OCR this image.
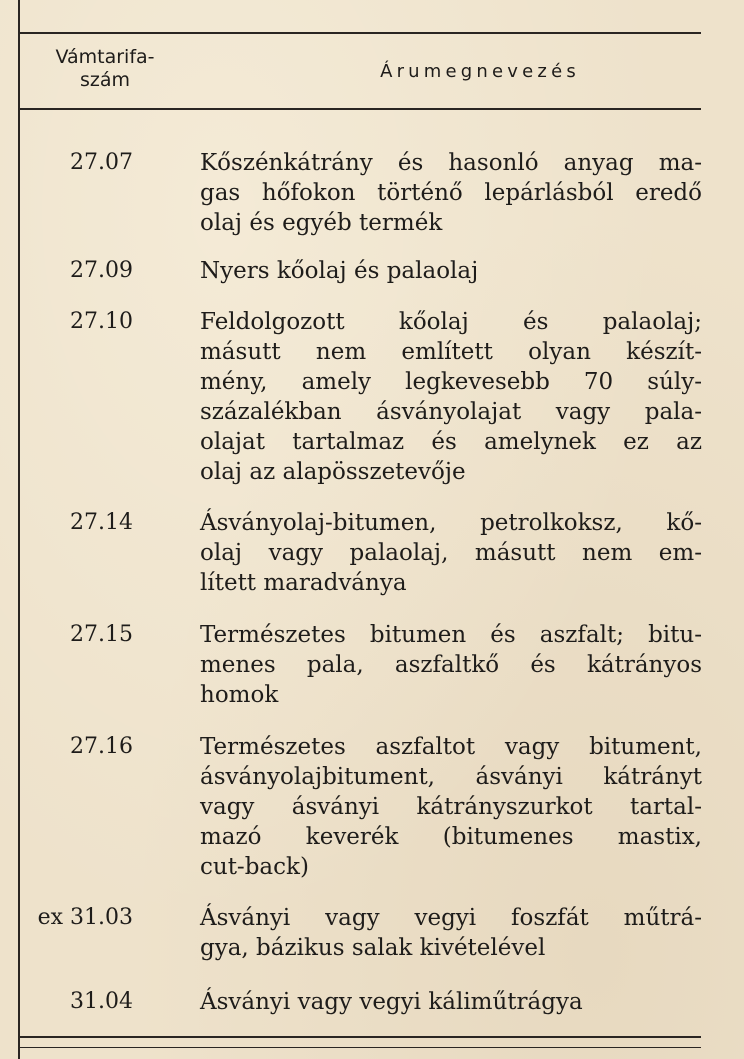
Vámtarifa-
szám	Árumegnevezés
27.07	Kőszénkátrány és hasonló anyag ma-
gas hőfokon történő lepárlásból eredő
olaj és egyéb termék
27.09	Nyers kőolaj és palaolaj
27.10	Feldolgozott kőolaj és palaolaj;
másutt nem említett olyan készít-
mény, amely legkevesebb 70 súly-
százalékban ásványolajat vagy pala-
olajat tartalmaz és amelynek ez az
olaj az alapösszetevője
27.14	Ásványolaj-bitumen, petrolkoksz, kő-
olaj vagy palaolaj, másutt nem em-
lített maradványa
27.15	Természetes bitumen és aszfalt; bitu-
menes pala, aszfaltkő és kátrányos
homok
27.16	Természetes aszfaltot vagy bitument,
ásványolajbitument, ásványi kátrányt
vagy ásványi kátrányszurkot tartal-
mazó keverék (bitumenes mastix,
cut-back)
ex 31.03	Ásványi vagy vegyi foszfát műtrá-
gya, bázikus salak kivételével
31.04	Ásványi vagy vegyi káliműtrágya
